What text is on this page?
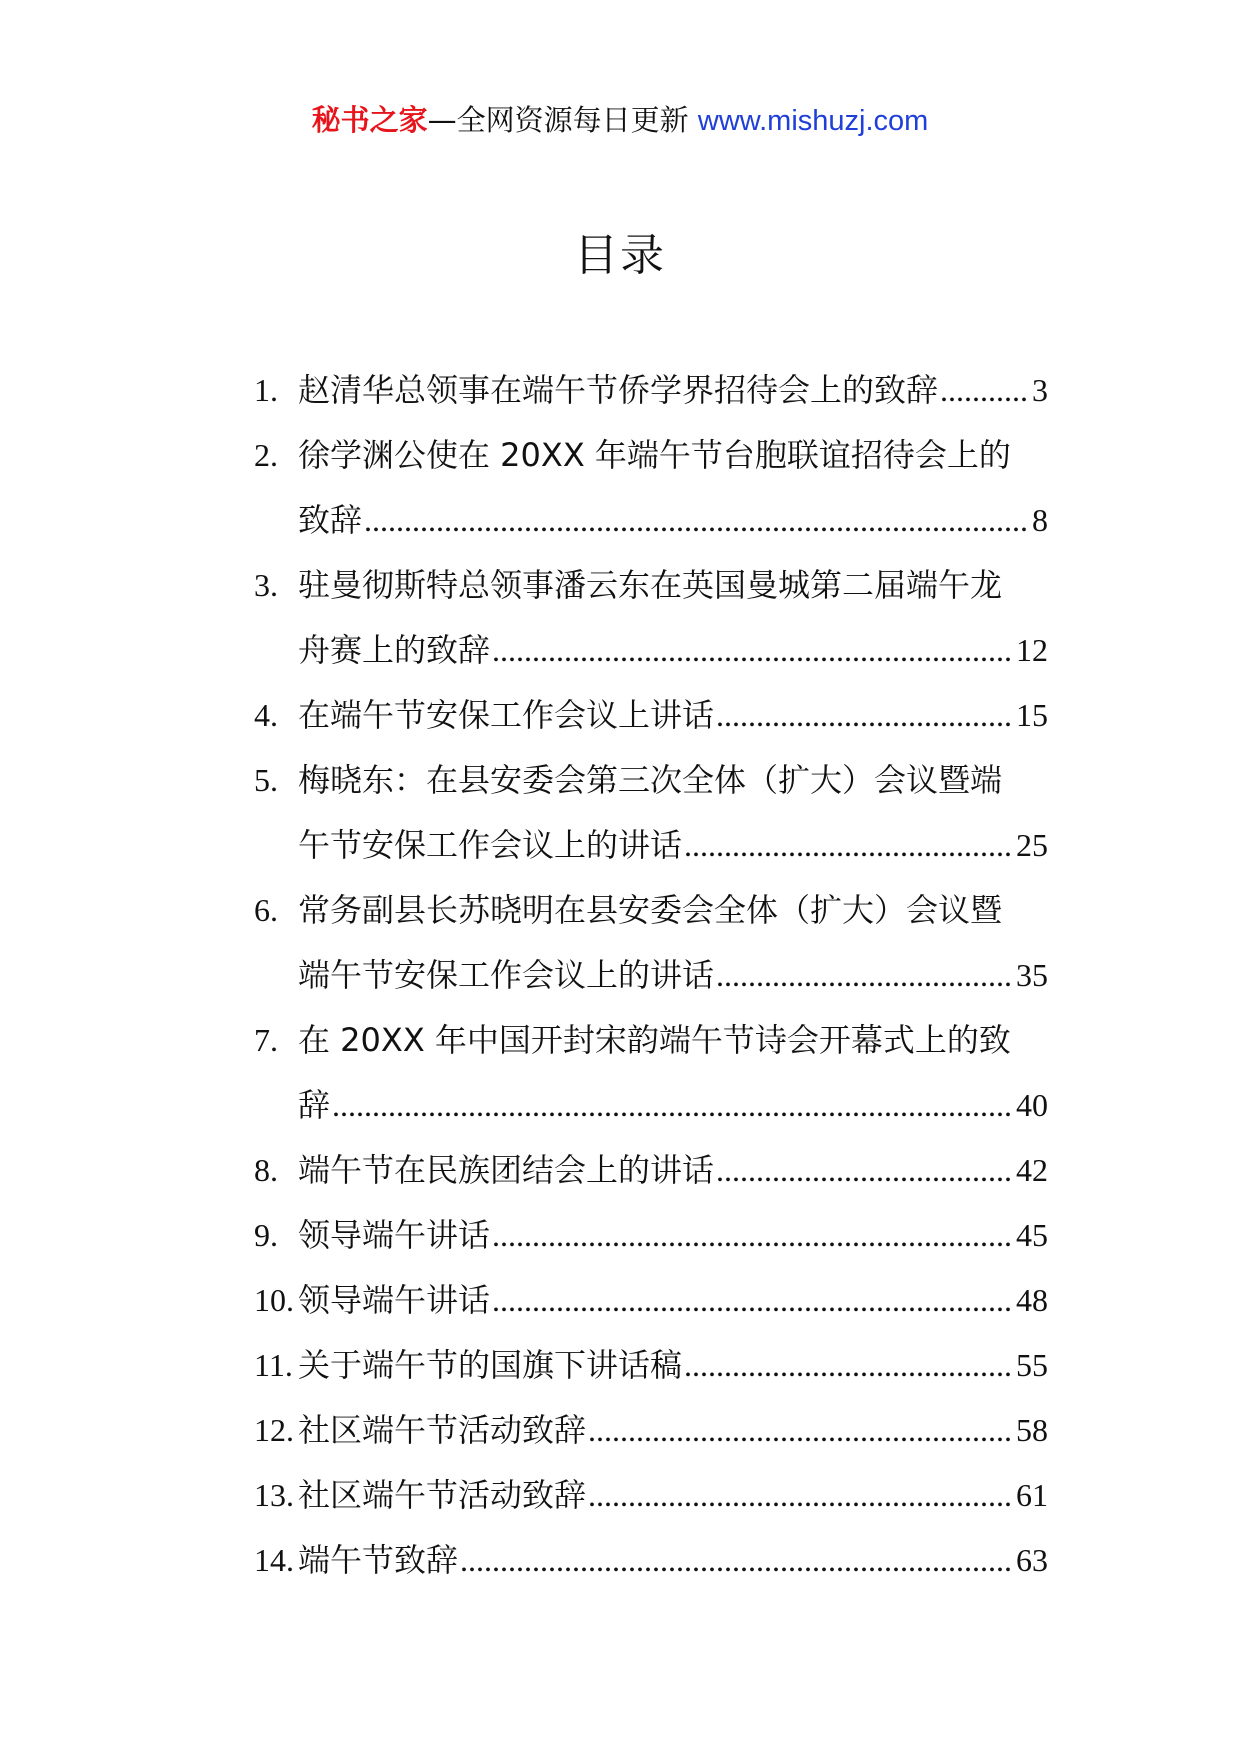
秘书之家—全网资源每日更新 www.mishuzj.com
目录
1. 赵清华总领事在端午节侨学界招待会上的致辞 .....	3
2. 徐学渊公使在 20XX 年端午节台胞联谊招待会上的
致辞 .....	8
3. 驻曼彻斯特总领事潘云东在英国曼城第二届端午龙
舟赛上的致辞 .....	12
4. 在端午节安保工作会议上讲话 .....	15
5. 梅晓东：在县安委会第三次全体（扩大）会议暨端
午节安保工作会议上的讲话 .....	25
6. 常务副县长苏晓明在县安委会全体（扩大）会议暨
端午节安保工作会议上的讲话 .....	35
7. 在 20XX 年中国开封宋韵端午节诗会开幕式上的致
辞 .....	40
8. 端午节在民族团结会上的讲话 .....	42
9. 领导端午讲话 .....	45
10. 领导端午讲话 .....	48
11. 关于端午节的国旗下讲话稿 .....	55
12. 社区端午节活动致辞 .....	58
13. 社区端午节活动致辞 .....	61
14. 端午节致辞 .....	63
